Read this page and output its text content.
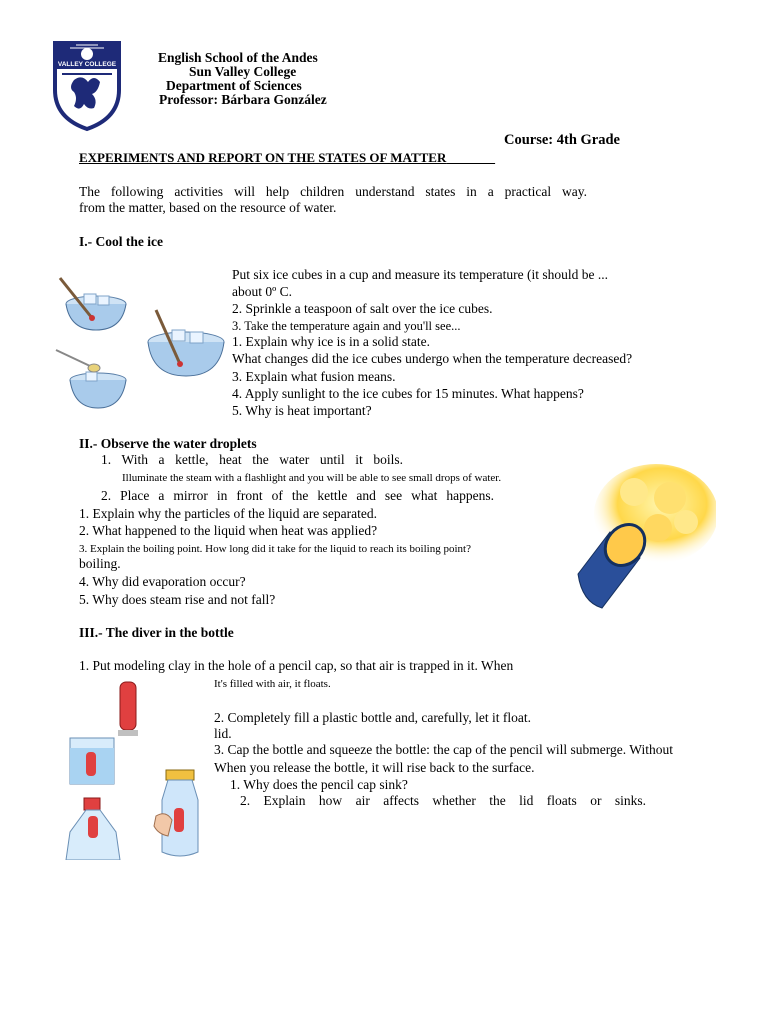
VALLEY COLLEGE	English School of the Andes
Sun Valley College
Department of Sciences
Professor: Bárbara González
Course: 4th Grade
EXPERIMENTS AND REPORT ON THE STATES OF MATTER
The following activities will help children understand states in a practical way.
from the matter, based on the resource of water.
I.- Cool the ice
Put six ice cubes in a cup and measure its temperature (it should be ...
about 0º C.
2. Sprinkle a teaspoon of salt over the ice cubes.
3. Take the temperature again and you'll see...
1. Explain why ice is in a solid state.
What changes did the ice cubes undergo when the temperature decreased?
3. Explain what fusion means.
4. Apply sunlight to the ice cubes for 15 minutes. What happens?
5. Why is heat important?
II.- Observe the water droplets
1. With a kettle, heat the water until it boils.
Illuminate the steam with a flashlight and you will be able to see small drops of water.
2. Place a mirror in front of the kettle and see what happens.
1. Explain why the particles of the liquid are separated.
2. What happened to the liquid when heat was applied?
3. Explain the boiling point. How long did it take for the liquid to reach its boiling point?
boiling.
4. Why did evaporation occur?
5. Why does steam rise and not fall?
III.- The diver in the bottle
1. Put modeling clay in the hole of a pencil cap, so that air is trapped in it. When
It's filled with air, it floats.
2. Completely fill a plastic bottle and, carefully, let it float.
lid.
3. Cap the bottle and squeeze the bottle: the cap of the pencil will submerge. Without
When you release the bottle, it will rise back to the surface.
1. Why does the pencil cap sink?
2. Explain how air affects whether the lid floats or sinks.
